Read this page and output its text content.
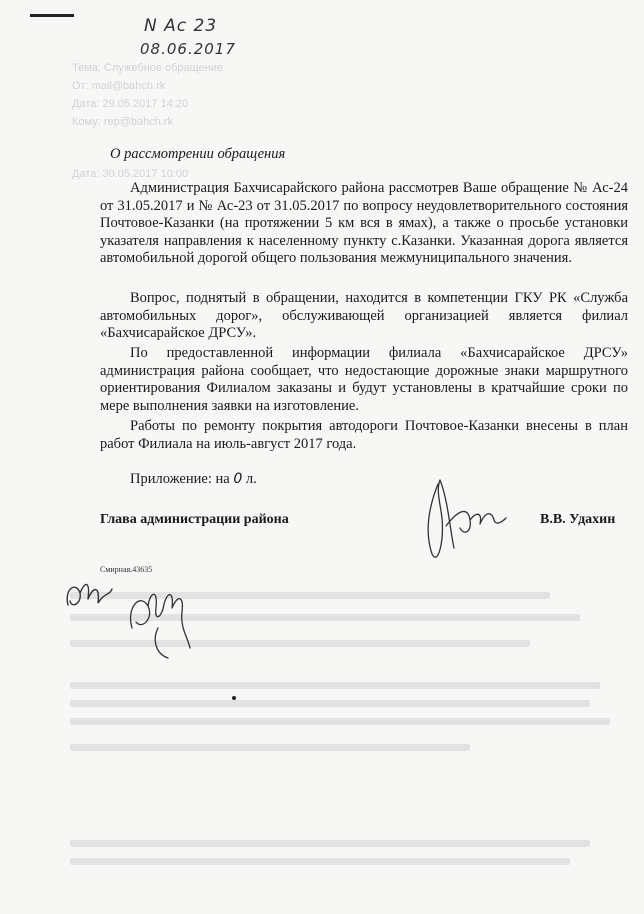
Тема: Служебное обращение
От: mail@bahch.rk
Дата: 29.05.2017 14:20
Кому: rep@bahch.rk
Дата: 30.05.2017 10:00
N Ac 23
08.06.2017
О рассмотрении обращения

Администрация Бахчисарайского района рассмотрев Ваше обращение № Ас-24 от 31.05.2017 и № Ас-23 от 31.05.2017 по вопросу неудовлетворительного состояния Почтовое-Казанки (на протяжении 5 км вся в ямах), а также о просьбе установки указателя направления к населенному пункту с.Казанки. Указанная дорога является автомобильной дорогой общего пользования межмуниципального значения.

Вопрос, поднятый в обращении, находится в компетенции ГКУ РК «Служба автомобильных дорог», обслуживающей организацией является филиал «Бахчисарайское ДРСУ».

По предоставленной информации филиала «Бахчисарайское ДРСУ» администрация района сообщает, что недостающие дорожные знаки маршрутного ориентирования Филиалом заказаны и будут установлены в кратчайшие сроки по мере выполнения заявки на изготовление.

Работы по ремонту покрытия автодороги Почтовое-Казанки внесены в план работ Филиала на июль-август 2017 года.

Приложение: на 0 л.
Глава администрации района	В.В. Удахин
Смирная.43635
